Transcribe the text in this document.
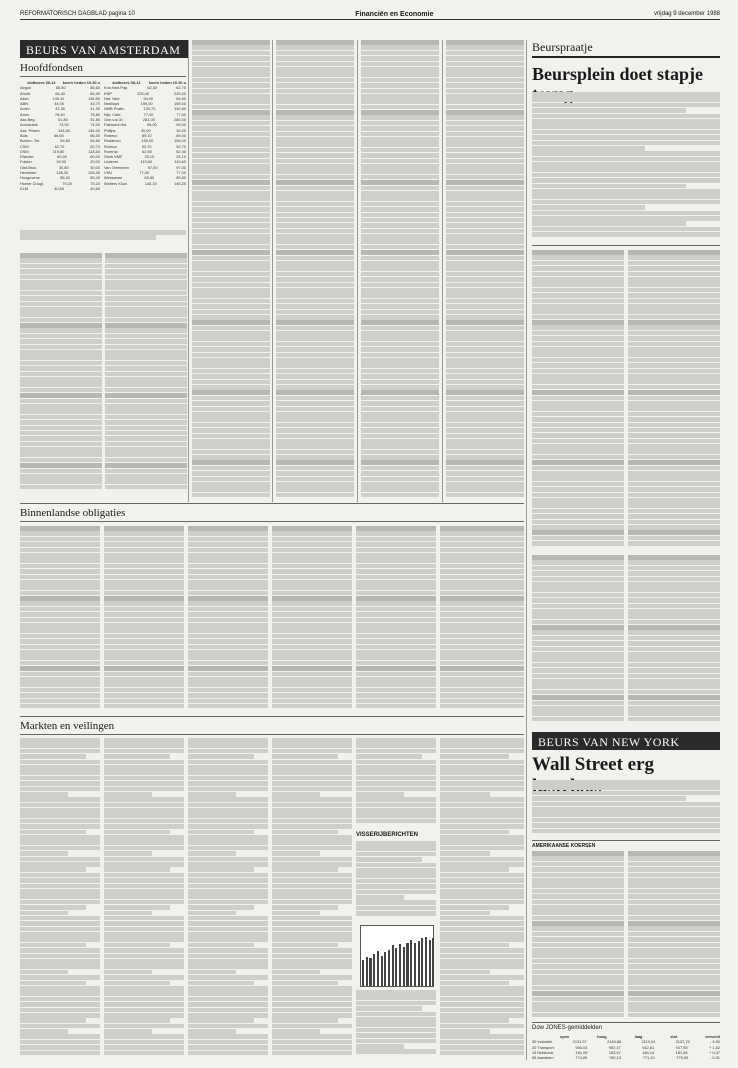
REFORMATORISCH DAGBLAD pagina 10	Financiën en Economie	vrijdag 9 december 1988
BEURS VAN AMSTERDAM
Hoofdfondsen
slotkoers 08-12 koers heden 10.30 u
Aegon	85,50	85,60
Ahold	84,40	84,40
Akzo	149,10	146,50
ABN	44,00	43,70
Amev	41,30	41,30
Amro	76,40	75,80
Ass.Beg.	51,80	51,80
Amrobank	74,00	74,00
Ass. Prisen	143,30	145,30
Bols	66,50	66,50
Buhrm.-Tet.	54,60	54,60
CSM	62,70	62,70
DSM	119,60	118,50
Elsevier	60,00	60,00
Fokker	19,90	20,00
Gist-Broc.	30,80	30,00
Heineken	126,30	126,30
Hoogovens	55,40	55,40
Hunter Dougl.	79,20	79,20
KLM	40,60	40,60
slotkoers 08-12 koers heden 10.30 u
Kon.Ned.Pap.	62,50	62,70
KNP	225,40	225,00
Nat. Ned.	54,00	54,50
Nedlloyd	159,00	159,00
NMB Postb.	130,70	130,80
Nijv. Cate	77,00	77,00
Oce-v.d.Gr.	281,00	280,00
Pakhoed Hld.	99,00	99,00
Philips	30,00	30,00
Robeco	89,10	89,00
Rodamco	155,00	155,00
Rolinco	92,70	92,70
Rorento	62,50	62,40
Stork VMF	25,10	25,10
Unilever	119,60	119,60
Van Ommeren	97,00	97,00
VNU	77,00	77,00
Wessanen	65,80	65,80
Wolters Kluw.	146,30	146,20
Binnenlandse obligaties
Markten en veilingen
VISSERIJBERICHTEN
Beurspraatje
Beursplein doet stapje
BEURS VAN NEW YORK
Wall Street erg
AMERIKAANSE KOERSEN
Dow JONES-gemiddelden
open	hoog	laag	slot	verschil
30 Industrie	2131,97	2145,88	2119,04	2137,76	- 4,50
20 Transport	946,03	952,17	942,81	947,55	+ 1,52
15 Nutsbedr.	181,09	183,57	180,14	181,56	+ 0,47
65 Aandelen	774,89	780,13	771,10	776,59	- 0,31
